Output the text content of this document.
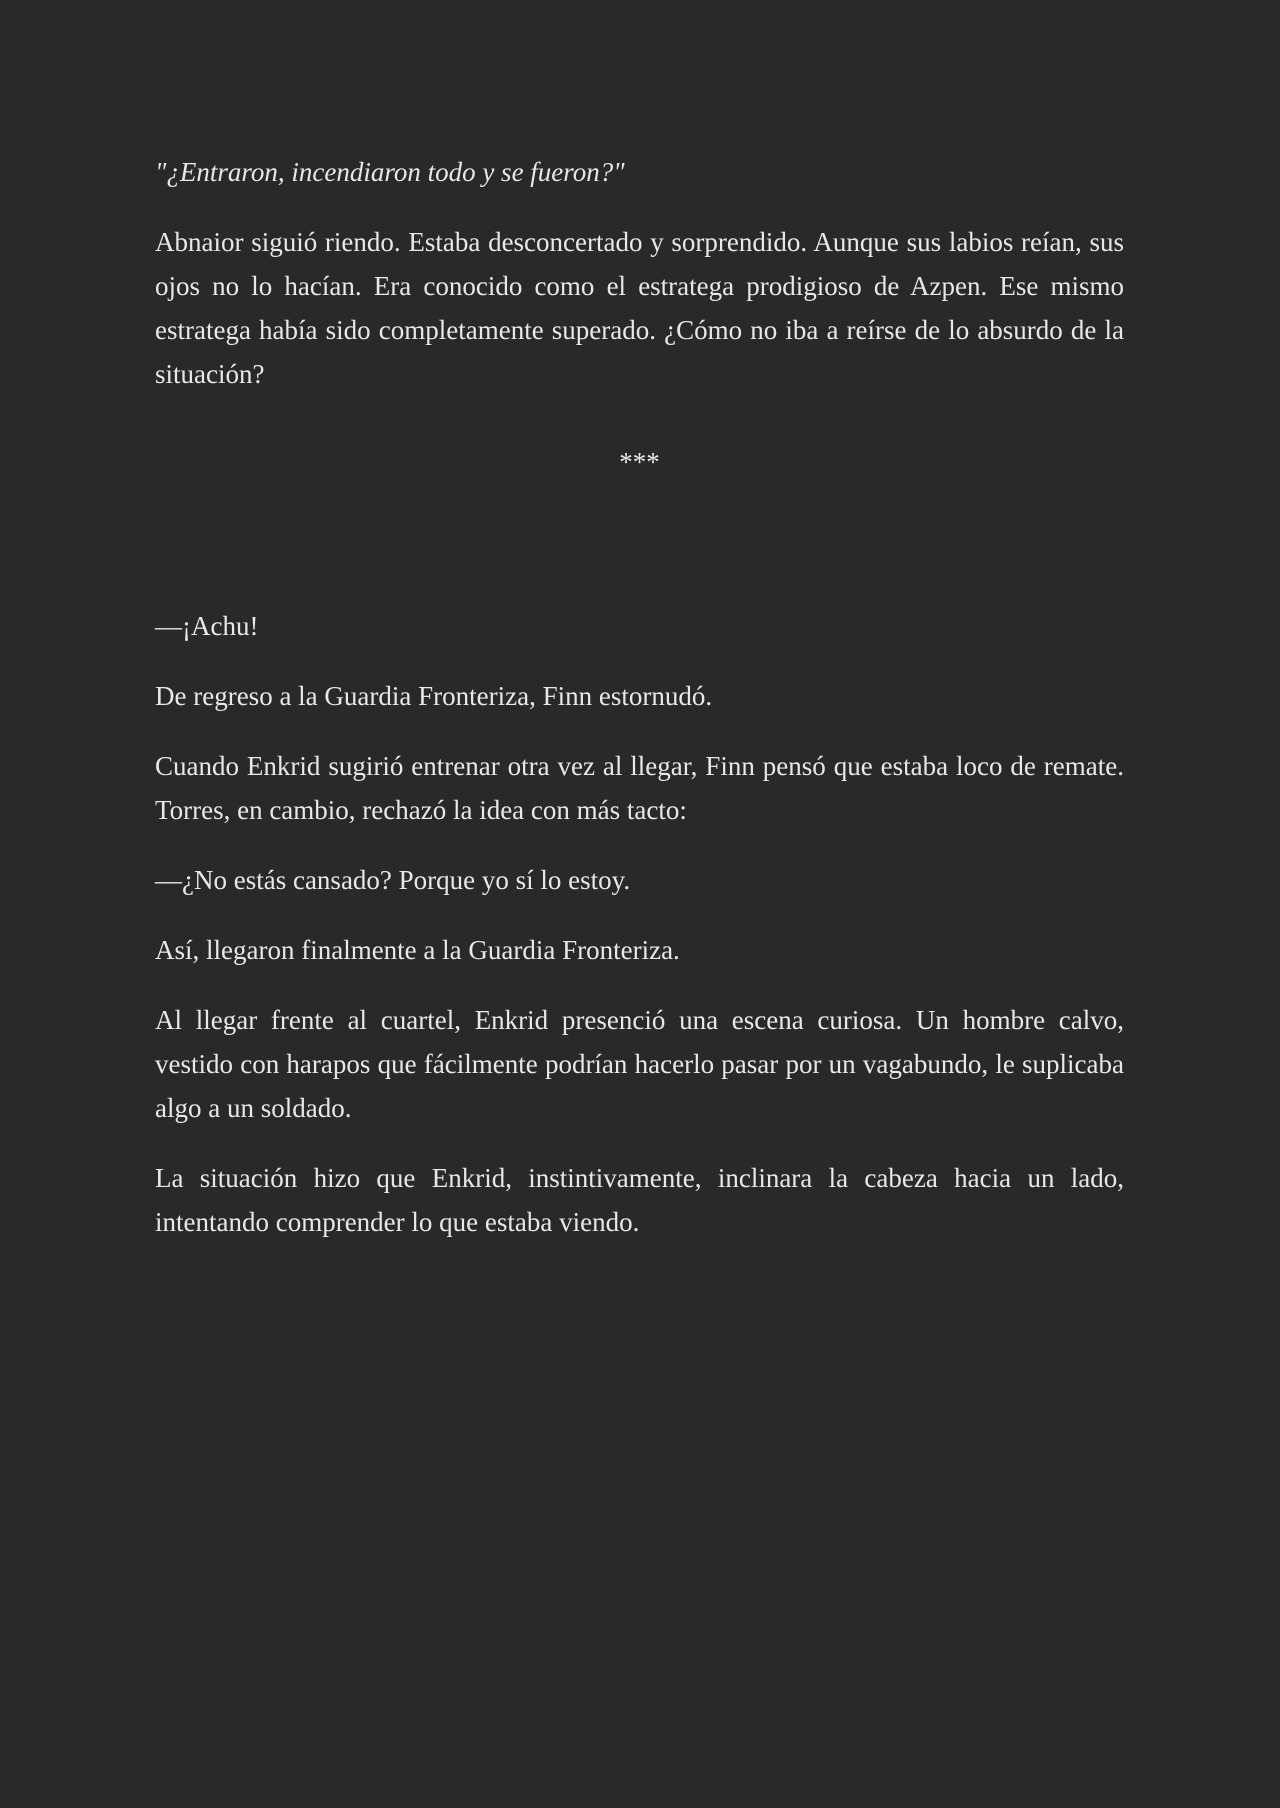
"¿Entraron, incendiaron todo y se fueron?"

Abnaior siguió riendo. Estaba desconcertado y sorprendido. Aunque sus labios reían, sus ojos no lo hacían. Era conocido como el estratega prodigioso de Azpen. Ese mismo estratega había sido completamente superado. ¿Cómo no iba a reírse de lo absurdo de la situación?

***

—¡Achu!

De regreso a la Guardia Fronteriza, Finn estornudó.

Cuando Enkrid sugirió entrenar otra vez al llegar, Finn pensó que estaba loco de remate. Torres, en cambio, rechazó la idea con más tacto:

—¿No estás cansado? Porque yo sí lo estoy.

Así, llegaron finalmente a la Guardia Fronteriza.

Al llegar frente al cuartel, Enkrid presenció una escena curiosa. Un hombre calvo, vestido con harapos que fácilmente podrían hacerlo pasar por un vagabundo, le suplicaba algo a un soldado.

La situación hizo que Enkrid, instintivamente, inclinara la cabeza hacia un lado, intentando comprender lo que estaba viendo.
